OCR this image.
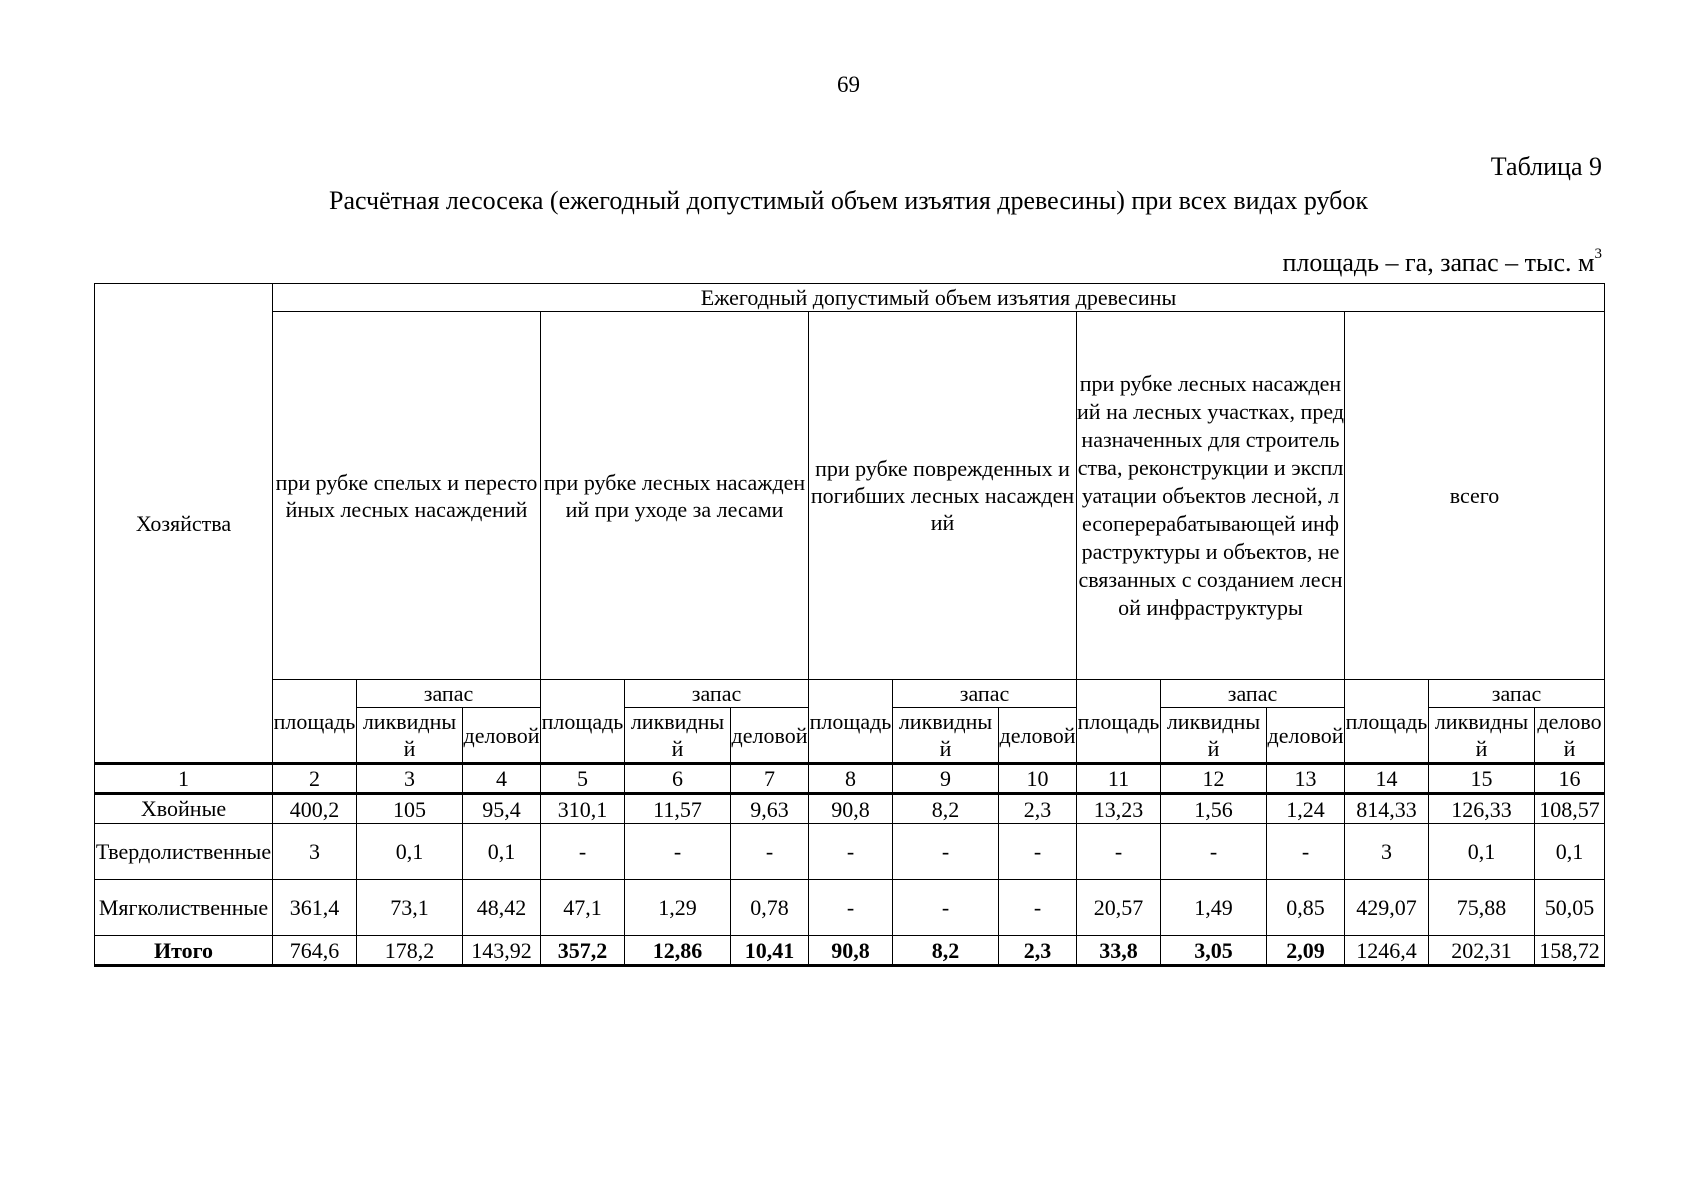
69
Таблица 9
Расчётная лесосека (ежегодный допустимый объем изъятия древесины) при всех видах рубок
площадь – га, запас – тыс. $м^3$
Хозяйства	Ежегодный допустимый объем изъятия древесины														
	при рубке спелых и перестойных лесных насаждений			при рубке лесных насаждений при уходе за лесами			при рубке поврежденных и погибших лесных насаждений			при рубке лесных насаждений на лесных участках, предназначенных для строительства, реконструкции и эксплуатации объектов лесной, лесоперерабатывающей инфраструктуры и объектов, не связанных с созданием лесной инфраструктуры			всего		
	площадь	запас		площадь	запас		площадь	запас		площадь	запас		площадь	запас	
		ликвидный	деловой		ликвидный	деловой		ликвидный	деловой		ликвидный	деловой		ликвидный	деловой
1	2	3	4	5	6	7	8	9	10	11	12	13	14	15	16
Хвойные	400,2	105	95,4	310,1	11,57	9,63	90,8	8,2	2,3	13,23	1,56	1,24	814,33	126,33	108,57
Твердолиственные	3	0,1	0,1	-	-	-	-	-	-	-	-	-	3	0,1	0,1
Мягколиственные	361,4	73,1	48,42	47,1	1,29	0,78	-	-	-	20,57	1,49	0,85	429,07	75,88	50,05
Итого	764,6	178,2	143,92	357,2	12,86	10,41	90,8	8,2	2,3	33,8	3,05	2,09	1246,4	202,31	158,72
